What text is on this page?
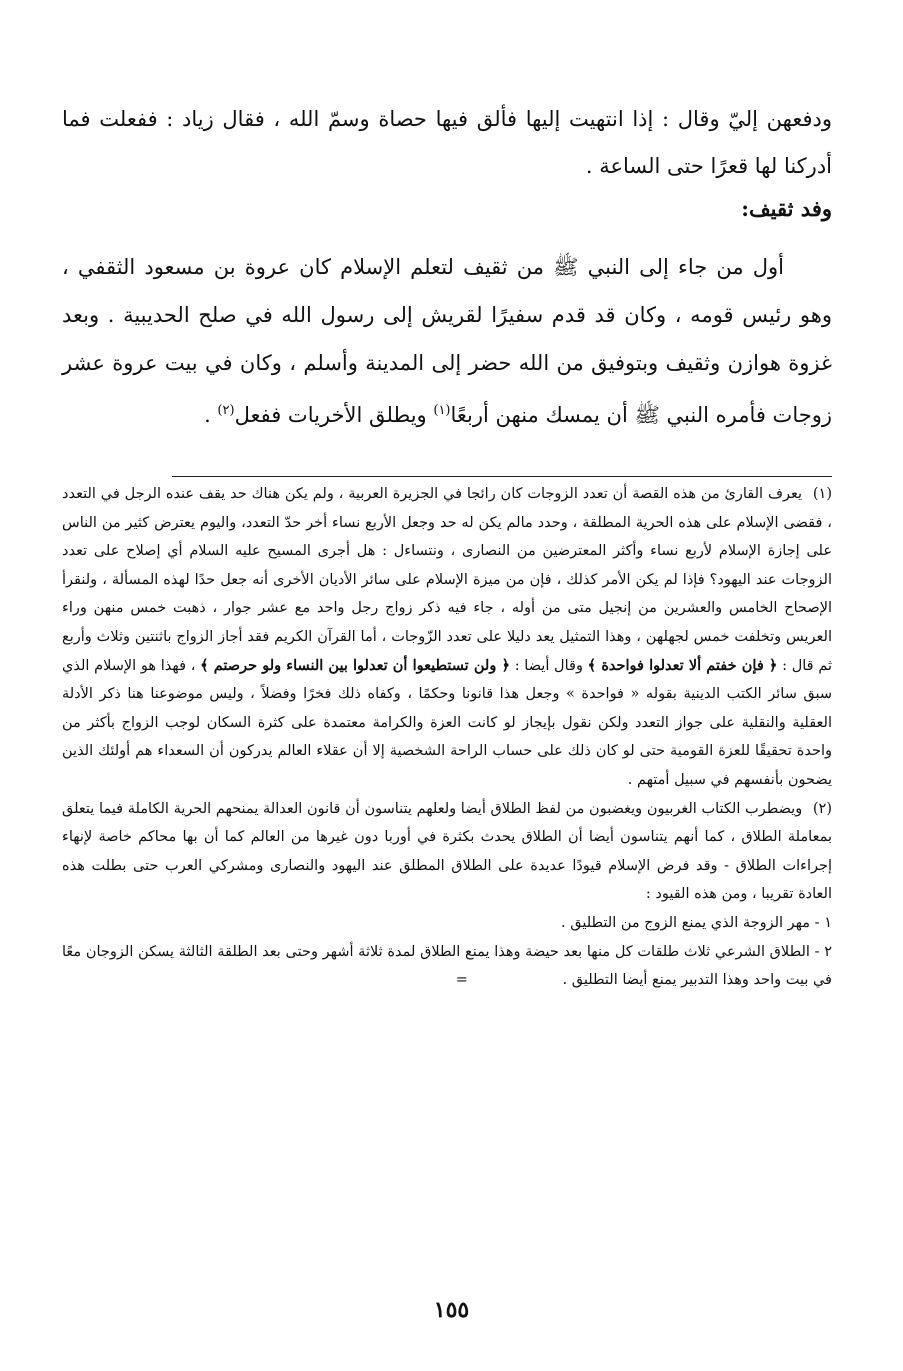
ودفعهن إليّ وقال : إذا انتهيت إليها فألق فيها حصاة وسمّ الله ، فقال زياد : ففعلت فما أدركنا لها قعرًا حتى الساعة .

وفد ثقيف:

أول من جاء إلى النبي ﷺ من ثقيف لتعلم الإسلام كان عروة بن مسعود الثقفي ، وهو رئيس قومه ، وكان قد قدم سفيرًا لقريش إلى رسول الله في صلح الحديبية . وبعد غزوة هوازن وثقيف وبتوفيق من الله حضر إلى المدينة وأسلم ، وكان في بيت عروة عشر زوجات فأمره النبي ﷺ أن يمسك منهن أربعًا$^{(١)}$ ويطلق الأخريات ففعل$^{(٢)}$ .

(١) يعرف القارئ من هذه القصة أن تعدد الزوجات كان رائجا في الجزيرة العربية ، ولم يكن هناك حد يقف عنده الرجل في التعدد ، فقضى الإسلام على هذه الحرية المطلقة ، وحدد مالم يكن له حد وجعل الأربع نساء أخر حدّ التعدد، واليوم يعترض كثير من الناس على إجازة الإسلام لأربع نساء وأكثر المعترضين من النصارى ، ونتساءل : هل أجرى المسيح عليه السلام أي إصلاح على تعدد الزوجات عند اليهود؟ فإذا لم يكن الأمر كذلك ، فإن من ميزة الإسلام على سائر الأديان الأخرى أنه جعل حدًا لهذه المسألة ، ولنقرأ الإصحاح الخامس والعشرين من إنجيل متى من أوله ، جاء فيه ذكر زواج رجل واحد مع عشر جوار ، ذهبت خمس منهن وراء العريس وتخلفت خمس لجهلهن ، وهذا التمثيل يعد دليلا على تعدد الزّوجات ، أما القرآن الكريم فقد أجاز الزواج باثنتين وثلاث وأربع ثم قال : ﴿ فإن خفتم ألا تعدلوا فواحدة ﴾ وقال أيضا : ﴿ ولن تستطيعوا أن تعدلوا بين النساء ولو حرصتم ﴾ ، فهذا هو الإسلام الذي سبق سائر الكتب الدينية بقوله « فواحدة » وجعل هذا قانونا وحكمًا ، وكفاه ذلك فخرًا وفضلاً ، وليس موضوعنا هنا ذكر الأدلة العقلية والنقلية على جواز التعدد ولكن نقول بإيجاز لو كانت العزة والكرامة معتمدة على كثرة السكان لوجب الزواج بأكثر من واحدة تحقيقًا للعزة القومية حتى لو كان ذلك على حساب الراحة الشخصية إلا أن عقلاء العالم يدركون أن السعداء هم أولئك الذين يضحون بأنفسهم في سبيل أمتهم .

(٢) ويضطرب الكتاب الغربيون ويغضبون من لفظ الطلاق أيضا ولعلهم يتناسون أن قانون العدالة يمنحهم الحرية الكاملة فيما يتعلق بمعاملة الطلاق ، كما أنهم يتناسون أيضا أن الطلاق يحدث بكثرة في أوربا دون غيرها من العالم كما أن بها محاكم خاصة لإنهاء إجراءات الطلاق - وقد فرض الإسلام قيودًا عديدة على الطلاق المطلق عند اليهود والنصارى ومشركي العرب حتى بطلت هذه العادة تقريبا ، ومن هذه القيود :

١ - مهر الزوجة الذي يمنع الزوج من التطليق .

٢ - الطلاق الشرعي ثلاث طلقات كل منها بعد حيضة وهذا يمنع الطلاق لمدة ثلاثة أشهر وحتى بعد الطلقة الثالثة يسكن الزوجان معًا في بيت واحد وهذا التدبير يمنع أيضا التطليق . =

١٥٥
